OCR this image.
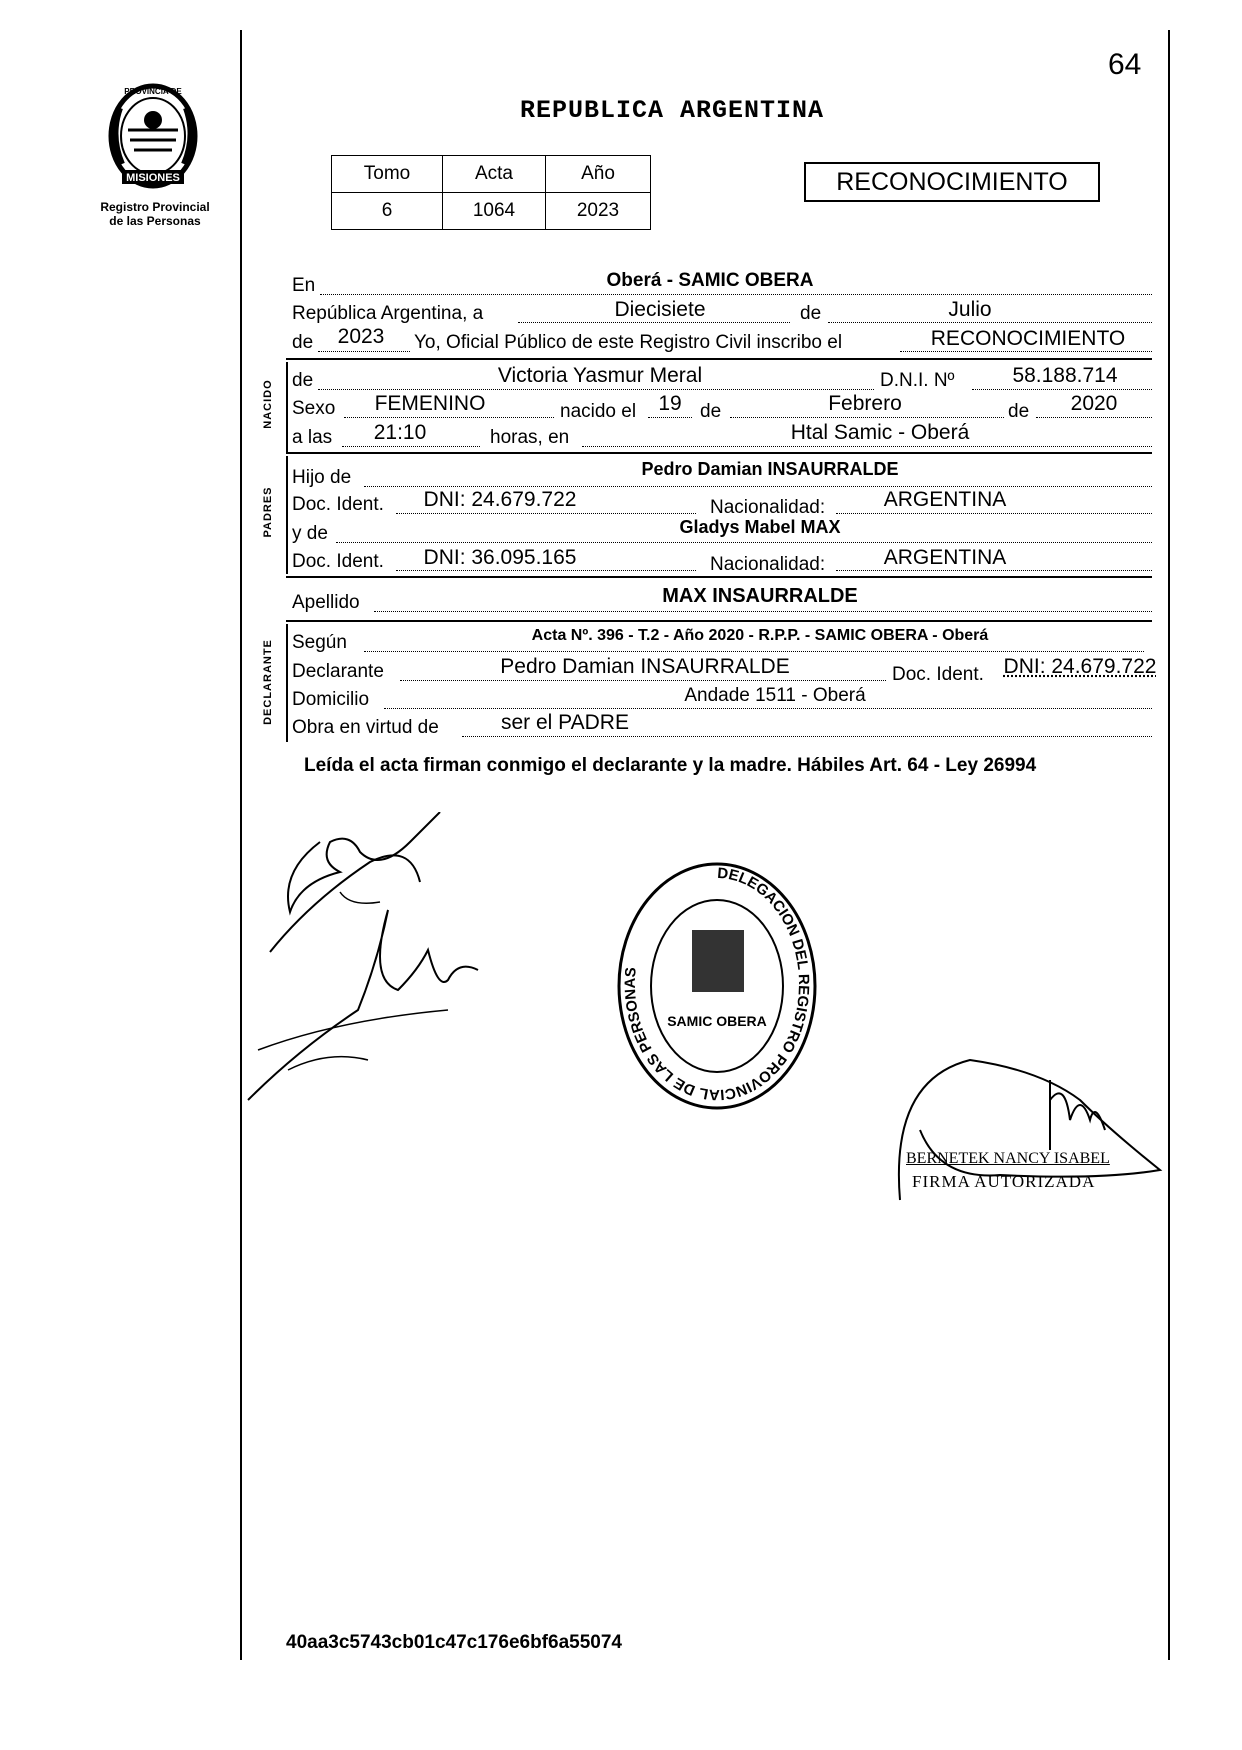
64
MISIONES
PROVINCIA DE
Registro Provincial
de las Personas
REPUBLICA ARGENTINA
Tomo	Acta	Año
6	1064	2023
RECONOCIMIENTO
En	Oberá - SAMIC OBERA
República Argentina, a	Diecisiete	de	Julio
de	2023	Yo, Oficial Público de este Registro Civil inscribo el	RECONOCIMIENTO
NACIDO de	Victoria Yasmur Meral	D.N.I. Nº	58.188.714
Sexo	FEMENINO	nacido el	19 de	Febrero	de	2020
a las	21:10	horas, en	Htal Samic - Oberá
PADRES
Hijo de	Pedro Damian INSAURRALDE
Doc. Ident.	DNI: 24.679.722	Nacionalidad:	ARGENTINA
y de	Gladys Mabel MAX
Doc. Ident.	DNI: 36.095.165	Nacionalidad:	ARGENTINA
Apellido	MAX INSAURRALDE
DECLARANTE Según	Acta Nº. 396 - T.2 - Año 2020 - R.P.P. - SAMIC OBERA - Oberá
Declarante	Pedro Damian INSAURRALDE	Doc. Ident. DNI: 24.679.722
Domicilio	Andade 1511 - Oberá
Obra en virtud de	ser el PADRE
Leída el acta firman conmigo el declarante y la madre. Hábiles Art. 64 - Ley 26994
DELEGACION DEL REGISTRO PROVINCIAL DE LAS PERSONAS
SAMIC OBERA
BERNETEK NANCY ISABEL
FIRMA AUTORIZADA
40aa3c5743cb01c47c176e6bf6a55074
